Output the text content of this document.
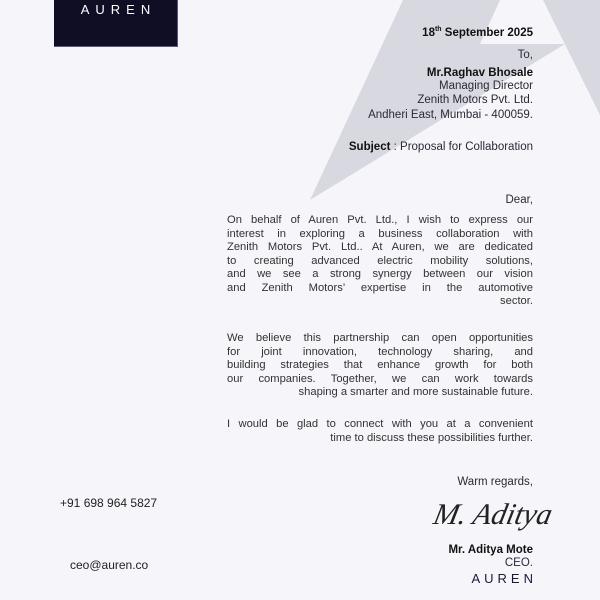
AUREN
18th September 2025
To,
Mr.Raghav Bhosale
Managing Director
Zenith Motors Pvt. Ltd.
Andheri East, Mumbai - 400059.
Subject : Proposal for Collaboration
Dear,
On behalf of Auren Pvt. Ltd., I wish to express our
interest in exploring a business collaboration with
Zenith Motors Pvt. Ltd.. At Auren, we are dedicated
to creating advanced electric mobility solutions,
and we see a strong synergy between our vision
and Zenith Motors’ expertise in the automotive
sector.
We believe this partnership can open opportunities
for joint innovation, technology sharing, and
building strategies that enhance growth for both
our companies. Together, we can work towards
shaping a smarter and more sustainable future.
I would be glad to connect with you at a convenient
time to discuss these possibilities further.
Warm regards,
M. Aditya
Mr. Aditya Mote
CEO.
AUREN
+91 698 964 5827
ceo@auren.co
